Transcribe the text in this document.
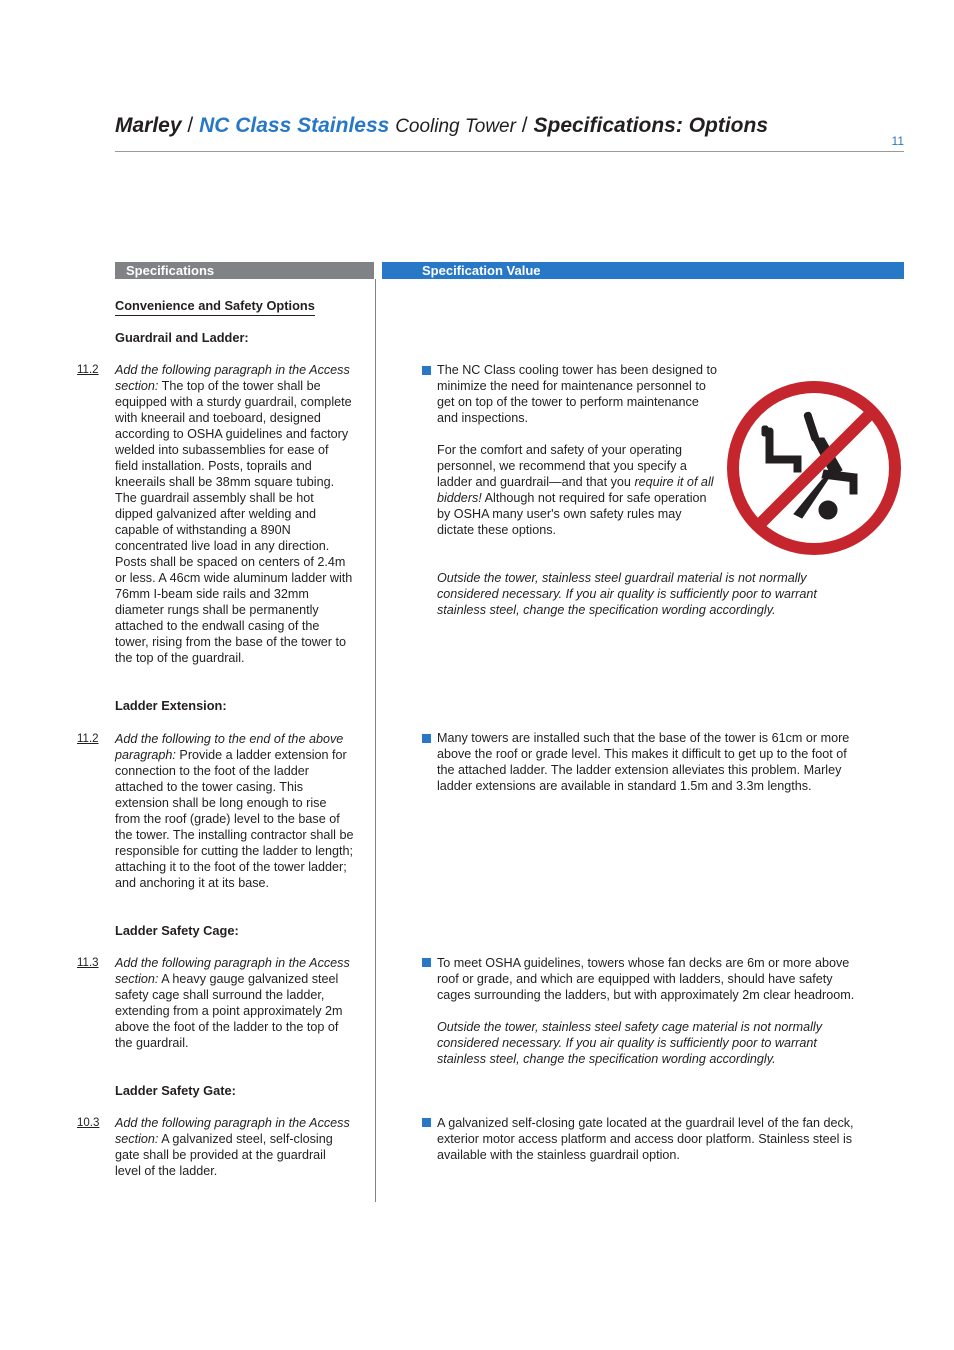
Marley / NC Class Stainless Cooling Tower / Specifications: Options
11
Specifications	Specification Value
Convenience and Safety Options
Guardrail and Ladder:
11.2 Add the following paragraph in the Access section: The top of the tower shall be equipped with a sturdy guardrail, complete with kneerail and toeboard, designed according to OSHA guidelines and factory welded into subassemblies for ease of field installation. Posts, toprails and kneerails shall be 38mm square tubing. The guardrail assembly shall be hot dipped galvanized after welding and capable of withstanding a 890N concentrated live load in any direction. Posts shall be spaced on centers of 2.4m or less. A 46cm wide aluminum ladder with 76mm I-beam side rails and 32mm diameter rungs shall be permanently attached to the endwall casing of the tower, rising from the base of the tower to the top of the guardrail.
Ladder Extension:
11.2 Add the following to the end of the above paragraph: Provide a ladder extension for connection to the foot of the ladder attached to the tower casing. This extension shall be long enough to rise from the roof (grade) level to the base of the tower. The installing contractor shall be responsible for cutting the ladder to length; attaching it to the foot of the tower ladder; and anchoring it at its base.
Ladder Safety Cage:
11.3 Add the following paragraph in the Access section: A heavy gauge galvanized steel safety cage shall surround the ladder, extending from a point approximately 2m above the foot of the ladder to the top of the guardrail.
Ladder Safety Gate:
10.3 Add the following paragraph in the Access section: A galvanized steel, self-closing gate shall be provided at the guardrail level of the ladder.

The NC Class cooling tower has been designed to minimize the need for maintenance personnel to get on top of the tower to perform maintenance and inspections.

For the comfort and safety of your operating personnel, we recommend that you specify a ladder and guardrail—and that you require it of all bidders! Although not required for safe operation by OSHA many user's own safety rules may dictate these options.

Outside the tower, stainless steel guardrail material is not normally considered necessary. If you air quality is sufficiently poor to warrant stainless steel, change the specification wording accordingly.
Many towers are installed such that the base of the tower is 61cm or more above the roof or grade level. This makes it difficult to get up to the foot of the attached ladder. The ladder extension alleviates this problem. Marley ladder extensions are available in standard 1.5m and 3.3m lengths.

To meet OSHA guidelines, towers whose fan decks are 6m or more above roof or grade, and which are equipped with ladders, should have safety cages surrounding the ladders, but with approximately 2m clear headroom.

Outside the tower, stainless steel safety cage material is not normally considered necessary. If you air quality is sufficiently poor to warrant stainless steel, change the specification wording accordingly.

A galvanized self-closing gate located at the guardrail level of the fan deck, exterior motor access platform and access door platform. Stainless steel is available with the stainless guardrail option.
